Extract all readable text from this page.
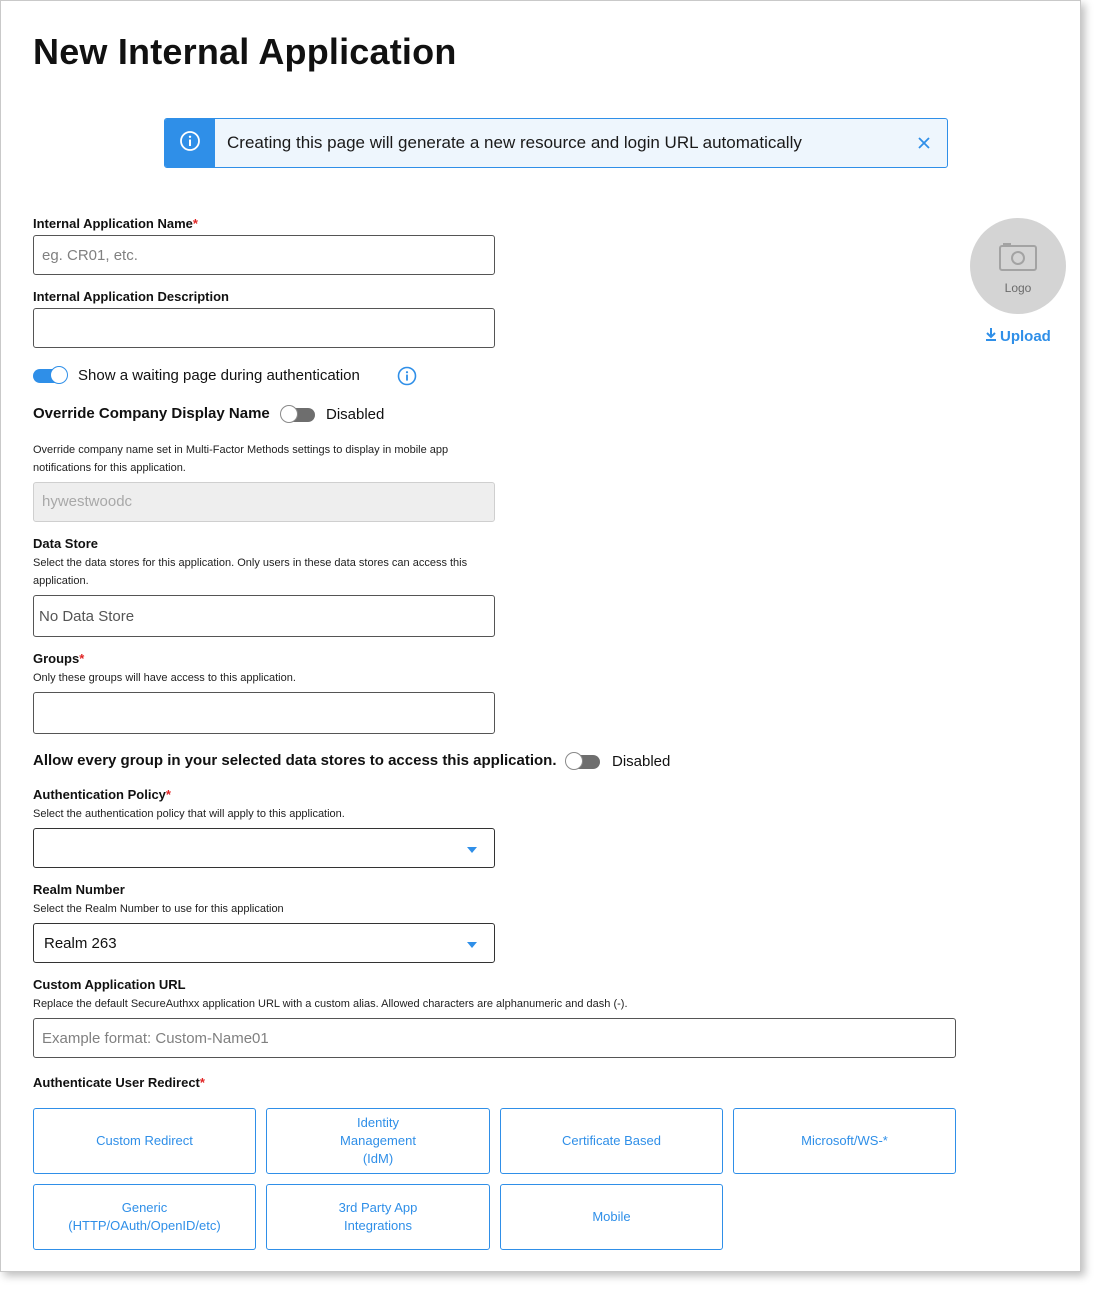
New Internal Application
Creating this page will generate a new resource and login URL automatically
Internal Application Name*
eg. CR01, etc.
Internal Application Description
Show a waiting page during authentication
Override Company Display Name	Disabled
Override company name set in Multi-Factor Methods settings to display in mobile app notifications for this application.
hywestwoodc
Data Store
Select the data stores for this application. Only users in these data stores can access this application.
No Data Store
Groups*
Only these groups will have access to this application.
Allow every group in your selected data stores to access this application.	Disabled
Authentication Policy*
Select the authentication policy that will apply to this application.
Realm Number
Select the Realm Number to use for this application
Realm 263
Custom Application URL
Replace the default SecureAuthxx application URL with a custom alias. Allowed characters are alphanumeric and dash (-).
Example format: Custom-Name01
Authenticate User Redirect*
Custom Redirect
Identity
Management
(IdM)
Certificate Based	Microsoft/WS-*
Generic
(HTTP/OAuth/OpenID/etc)
3rd Party App
Integrations
Mobile
Logo
Upload
